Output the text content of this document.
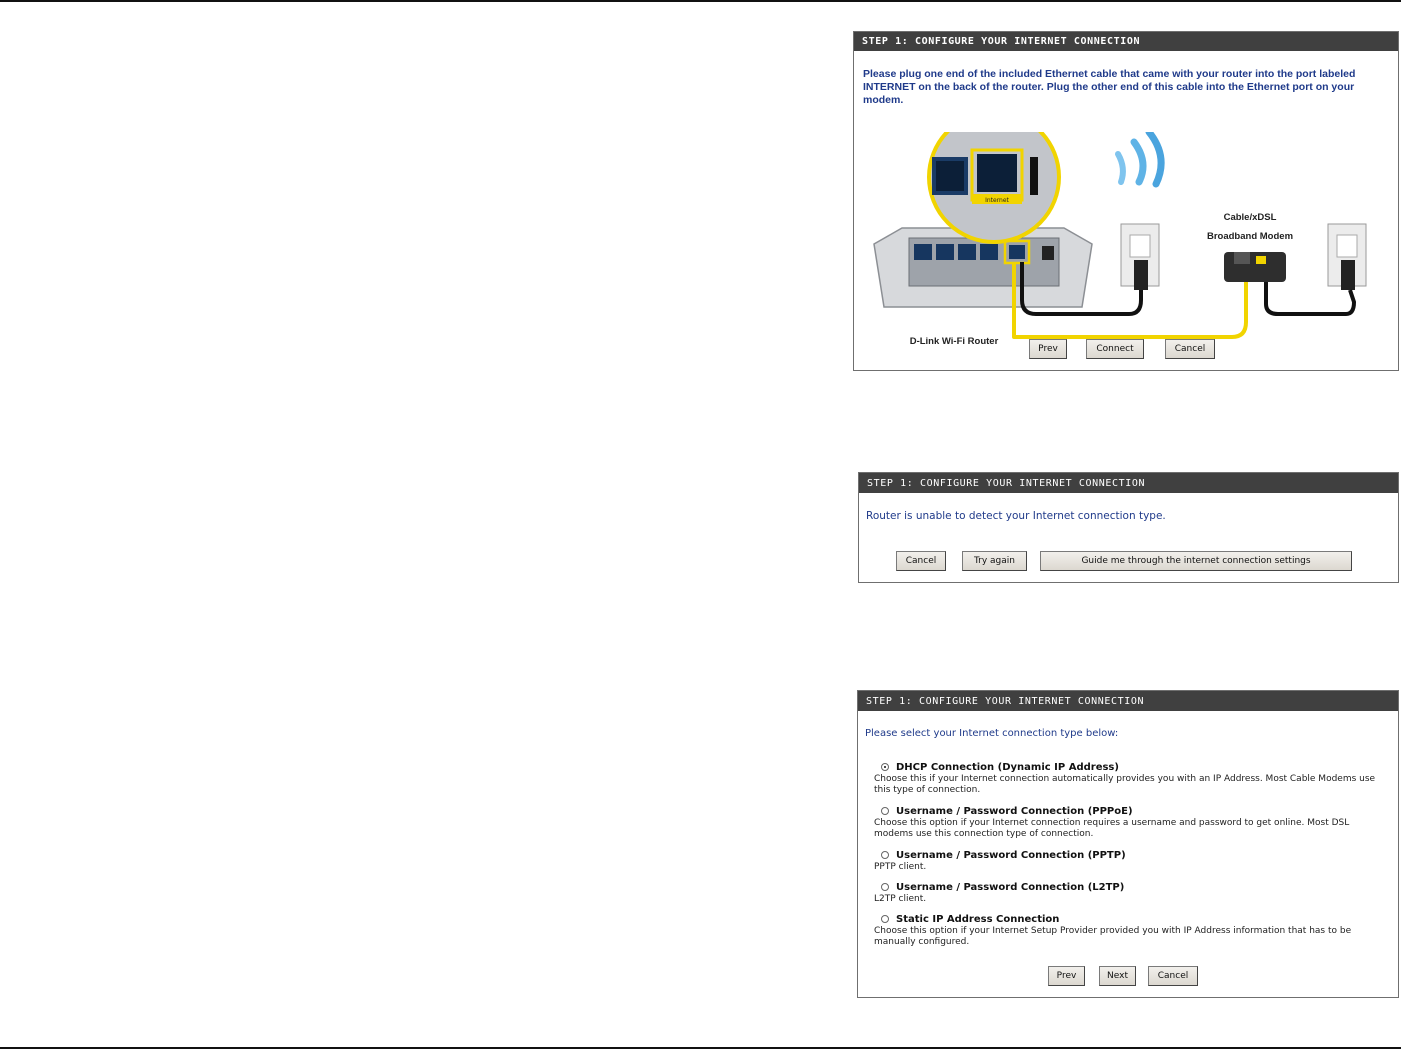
STEP 1: CONFIGURE YOUR INTERNET CONNECTION
Please plug one end of the included Ethernet cable that came with your router into the port labeled INTERNET on the back of the router. Plug the other end of this cable into the Ethernet port on your modem.
Internet
Cable/xDSL
Broadband Modem
D-Link Wi-Fi Router
Prev	Connect	Cancel
STEP 1: CONFIGURE YOUR INTERNET CONNECTION
Router is unable to detect your Internet connection type.
Cancel	Try again	Guide me through the internet connection settings
STEP 1: CONFIGURE YOUR INTERNET CONNECTION
Please select your Internet connection type below:
DHCP Connection (Dynamic IP Address)
Choose this if your Internet connection automatically provides you with an IP Address. Most Cable Modems use this type of connection.
Username / Password Connection (PPPoE)
Choose this option if your Internet connection requires a username and password to get online. Most DSL modems use this connection type of connection.
Username / Password Connection (PPTP)
PPTP client.
Username / Password Connection (L2TP)
L2TP client.
Static IP Address Connection
Choose this option if your Internet Setup Provider provided you with IP Address information that has to be manually configured.
Prev	Next	Cancel
